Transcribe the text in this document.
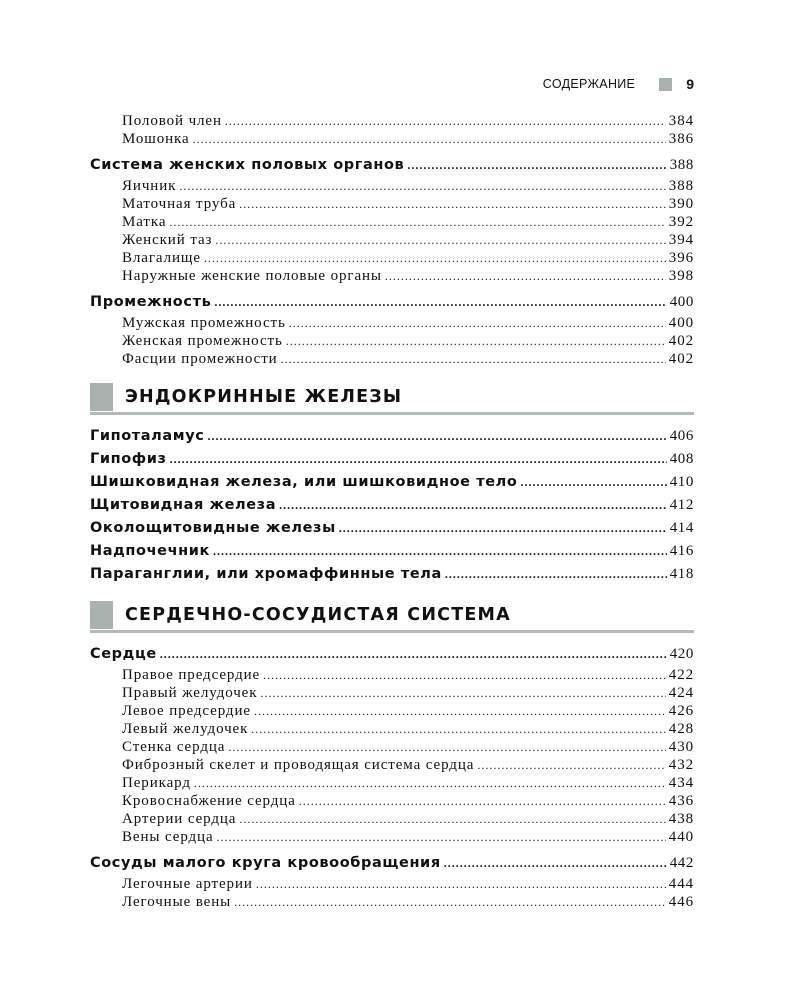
СОДЕРЖАНИЕ	9
Половой член .....	384
Мошонка .....	386
Система женских половых органов .....	388
Яичник .....	388
Маточная труба .....	390
Матка .....	392
Женский таз .....	394
Влагалище .....	396
Наружные женские половые органы .....	398
Промежность .....	400
Мужская промежность .....	400
Женская промежность .....	402
Фасции промежности .....	402
ЭНДОКРИННЫЕ ЖЕЛЕЗЫ
Гипоталамус .....	406
Гипофиз .....	408
Шишковидная железа, или шишковидное тело .....	410
Щитовидная железа .....	412
Околощитовидные железы .....	414
Надпочечник .....	416
Параганглии, или хромаффинные тела .....	418
СЕРДЕЧНО-СОСУДИСТАЯ СИСТЕМА
Сердце .....	420
Правое предсердие .....	422
Правый желудочек .....	424
Левое предсердие .....	426
Левый желудочек .....	428
Стенка сердца .....	430
Фиброзный скелет и проводящая система сердца .....	432
Перикард .....	434
Кровоснабжение сердца .....	436
Артерии сердца .....	438
Вены сердца .....	440
Сосуды малого круга кровообращения .....	442
Легочные артерии .....	444
Легочные вены .....	446
